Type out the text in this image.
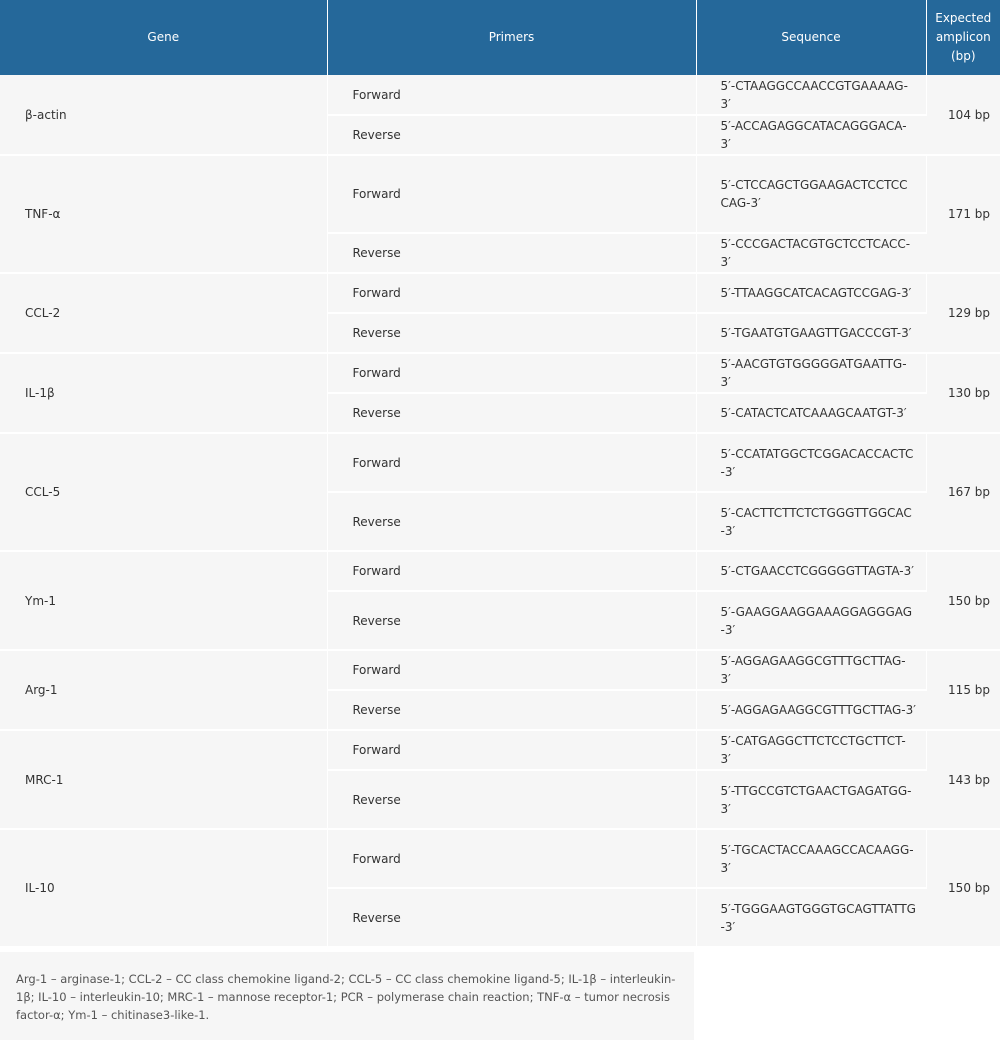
Gene	Primers	Sequence	Expected amplicon (bp)
β-actin	Forward	5′-CTAAGGCCAACCGTGAAAAG-3′	104 bp
	Reverse	5′-ACCAGAGGCATACAGGGACA-3′	
TNF-α	Forward	5′-CTCCAGCTGGAAGACTCCTCCCAG-3′	171 bp
	Reverse	5′-CCCGACTACGTGCTCCTCACC-3′	
CCL-2	Forward	5′-TTAAGGCATCACAGTCCGAG-3′	129 bp
	Reverse	5′-TGAATGTGAAGTTGACCCGT-3′	
IL-1β	Forward	5′-AACGTGTGGGGGATGAATTG-3′	130 bp
	Reverse	5′-CATACTCATCAAAGCAATGT-3′	
CCL-5	Forward	5′-CCATATGGCTCGGACACCACTC-3′	167 bp
	Reverse	5′-CACTTCTTCTCTGGGTTGGCAC-3′	
Ym-1	Forward	5′-CTGAACCTCGGGGGTTAGTA-3′	150 bp
	Reverse	5′-GAAGGAAGGAAAGGAGGGAG-3′	
Arg-1	Forward	5′-AGGAGAAGGCGTTTGCTTAG-3′	115 bp
	Reverse	5′-AGGAGAAGGCGTTTGCTTAG-3′	
MRC-1	Forward	5′-CATGAGGCTTCTCCTGCTTCT-3′	143 bp
	Reverse	5′-TTGCCGTCTGAACTGAGATGG-3′	
IL-10	Forward	5′-TGCACTACCAAAGCCACAAGG-3′	150 bp
	Reverse	5′-TGGGAAGTGGGTGCAGTTATTG-3′	
Arg-1 – arginase-1; CCL-2 – CC class chemokine ligand-2; CCL-5 – CC class chemokine ligand-5; IL-1β – interleukin-1β; IL-10 – interleukin-10; MRC-1 – mannose receptor-1; PCR – polymerase chain reaction; TNF-α – tumor necrosis factor-α; Ym-1 – chitinase3-like-1.
